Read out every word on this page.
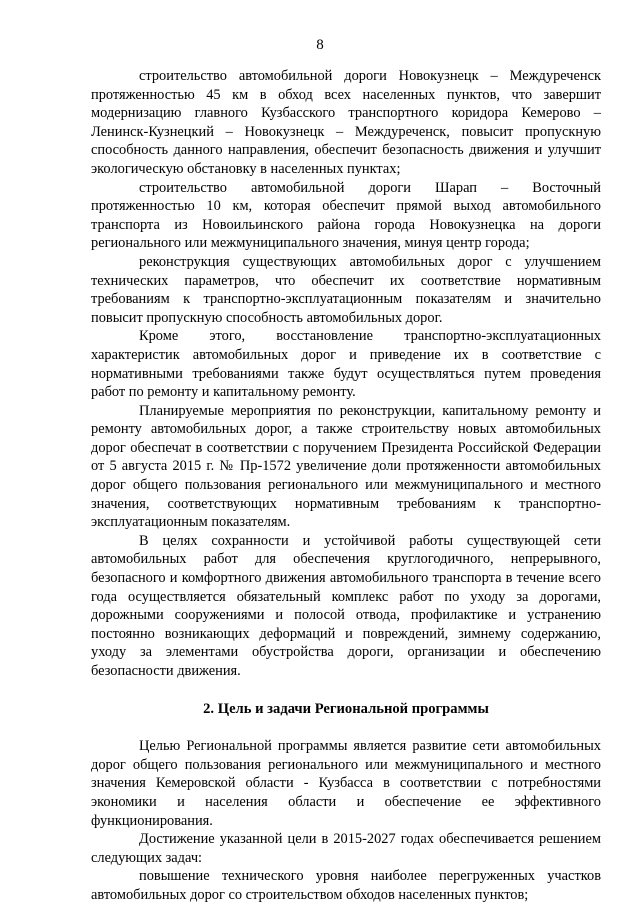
8

строительство автомобильной дороги Новокузнецк – Междуреченск протяженностью 45 км в обход всех населенных пунктов, что завершит модернизацию главного Кузбасского транспортного коридора Кемерово – Ленинск-Кузнецкий – Новокузнецк – Междуреченск, повысит пропускную способность данного направления, обеспечит безопасность движения и улучшит экологическую обстановку в населенных пунктах;

строительство автомобильной дороги Шарап – Восточный протяженностью 10 км, которая обеспечит прямой выход автомобильного транспорта из Новоильинского района города Новокузнецка на дороги регионального или межмуниципального значения, минуя центр города;

реконструкция существующих автомобильных дорог с улучшением технических параметров, что обеспечит их соответствие нормативным требованиям к транспортно-эксплуатационным показателям и значительно повысит пропускную способность автомобильных дорог.

Кроме этого, восстановление транспортно-эксплуатационных характеристик автомобильных дорог и приведение их в соответствие с нормативными требованиями также будут осуществляться путем проведения работ по ремонту и капитальному ремонту.

Планируемые мероприятия по реконструкции, капитальному ремонту и ремонту автомобильных дорог, а также строительству новых автомобильных дорог обеспечат в соответствии с поручением Президента Российской Федерации от 5 августа 2015 г. № Пр-1572 увеличение доли протяженности автомобильных дорог общего пользования регионального или межмуниципального и местного значения, соответствующих нормативным требованиям к транспортно-эксплуатационным показателям.

В целях сохранности и устойчивой работы существующей сети автомобильных работ для обеспечения круглогодичного, непрерывного, безопасного и комфортного движения автомобильного транспорта в течение всего года осуществляется обязательный комплекс работ по уходу за дорогами, дорожными сооружениями и полосой отвода, профилактике и устранению постоянно возникающих деформаций и повреждений, зимнему содержанию, уходу за элементами обустройства дороги, организации и обеспечению безопасности движения.

2. Цель и задачи Региональной программы

Целью Региональной программы является развитие сети автомобильных дорог общего пользования регионального или межмуниципального и местного значения Кемеровской области - Кузбасса в соответствии с потребностями экономики и населения области и обеспечение ее эффективного функционирования.

Достижение указанной цели в 2015-2027 годах обеспечивается решением следующих задач:

повышение технического уровня наиболее перегруженных участков автомобильных дорог со строительством обходов населенных пунктов;
